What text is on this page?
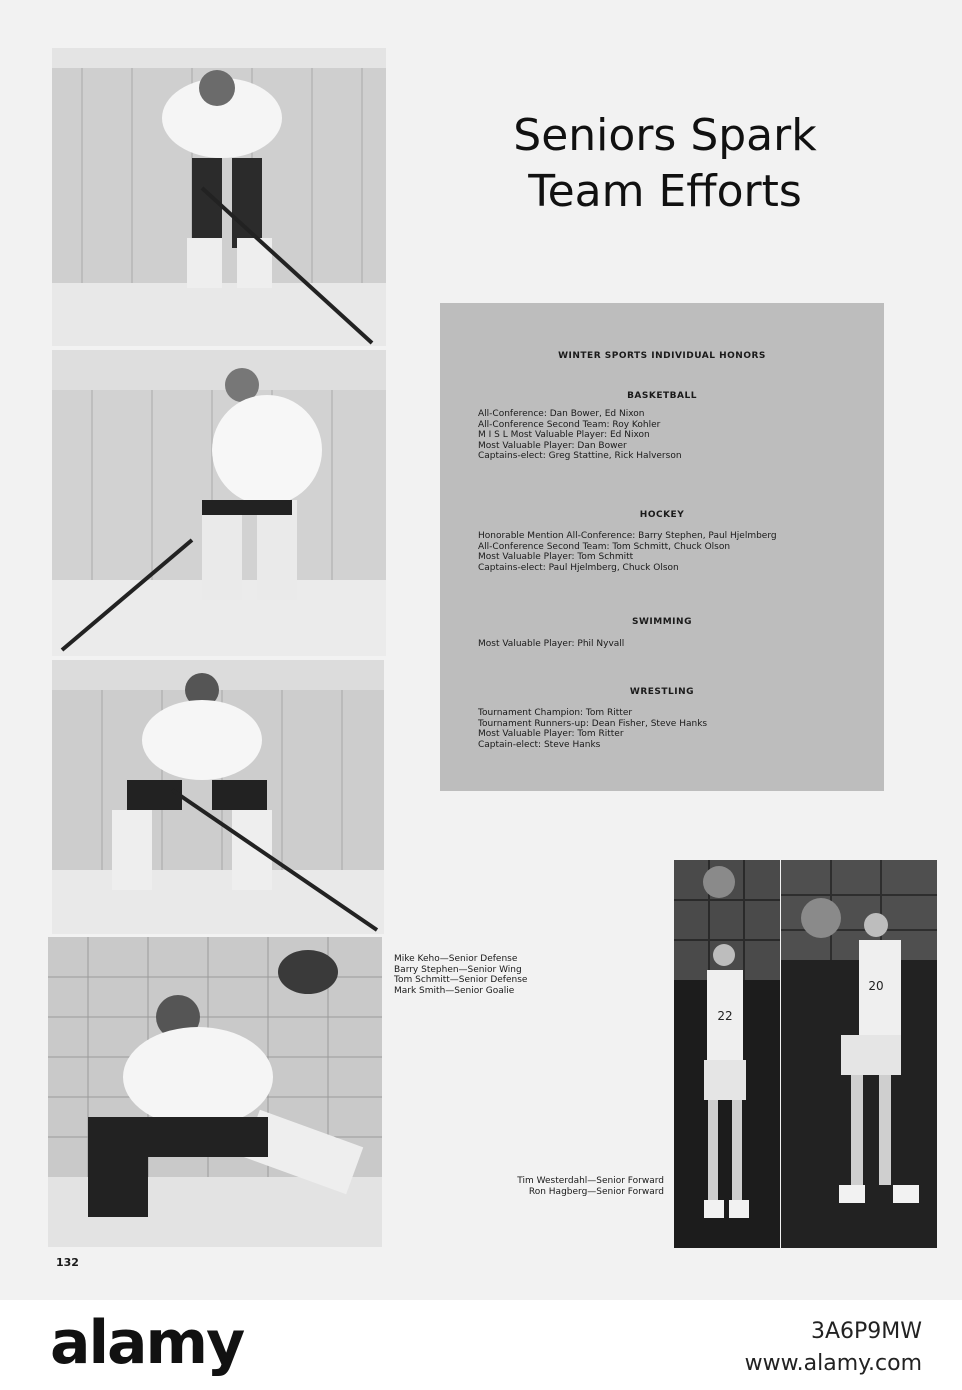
Seniors Spark
Team Efforts
WINTER SPORTS INDIVIDUAL HONORS
BASKETBALL
All-Conference: Dan Bower, Ed Nixon
All-Conference Second Team: Roy Kohler
M I S L Most Valuable Player: Ed Nixon
Most Valuable Player: Dan Bower
Captains-elect: Greg Stattine, Rick Halverson
HOCKEY
Honorable Mention All-Conference: Barry Stephen, Paul Hjelmberg
All-Conference Second Team: Tom Schmitt, Chuck Olson
Most Valuable Player: Tom Schmitt
Captains-elect: Paul Hjelmberg, Chuck Olson
SWIMMING
Most Valuable Player: Phil Nyvall
WRESTLING
Tournament Champion: Tom Ritter
Tournament Runners-up: Dean Fisher, Steve Hanks
Most Valuable Player: Tom Ritter
Captain-elect: Steve Hanks
Mike Keho—Senior Defense
Barry Stephen—Senior Wing
Tom Schmitt—Senior Defense
Mark Smith—Senior Goalie
22
20
Tim Westerdahl—Senior Forward
Ron Hagberg—Senior Forward
132
alamy	3A6P9MW
www.alamy.com
